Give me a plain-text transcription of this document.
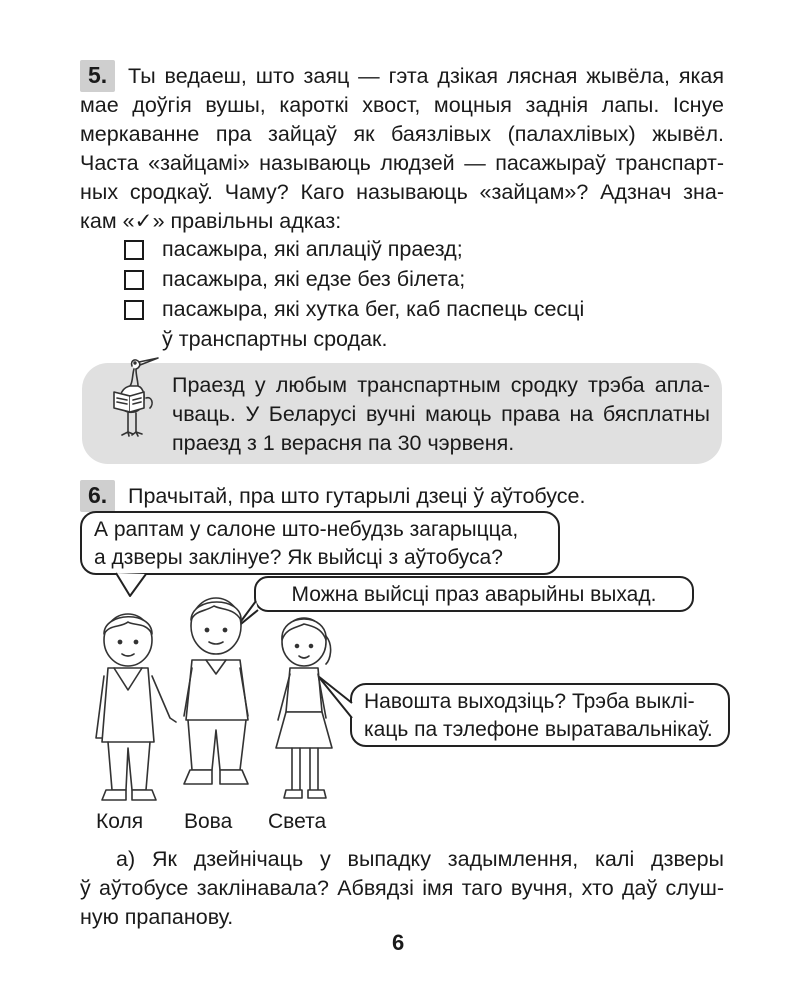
5. Ты ведаеш, што заяц — гэта дзікая лясная жывёла, якая
мае доўгія вушы, кароткі хвост, моцныя заднія лапы. Існуе
меркаванне пра зайцаў як баязлівых (палахлівых) жывёл.
Часта «зайцамі» называюць людзей — пасажыраў транспарт-
ных сродкаў. Чаму? Каго называюць «зайцам»? Адзнач зна-
кам «✓» правільны адказ:
пасажыра, які аплаціў праезд;
пасажыра, які едзе без білета;
пасажыра, які хутка бег, каб паспець сесці
ў транспартны сродак.
Праезд у любым транспартным сродку трэба апла-
чваць. У Беларусі вучні маюць права на бясплатны
праезд з 1 верасня па 30 чэрвеня.
6. Прачытай, пра што гутарылі дзеці ў аўтобусе.
А раптам у салоне што-небудзь загарыцца,
а дзверы заклінуе? Як выйсці з аўтобуса?
Можна выйсці праз аварыйны выхад.
Навошта выходзіць? Трэба выклі-
каць па тэлефоне выратавальнікаў.
Коля Вова Света
а) Як дзейнічаць у выпадку задымлення, калі дзверы
ў аўтобусе заклінавала? Абвядзі імя таго вучня, хто даў слуш-
ную прапанову.
6
